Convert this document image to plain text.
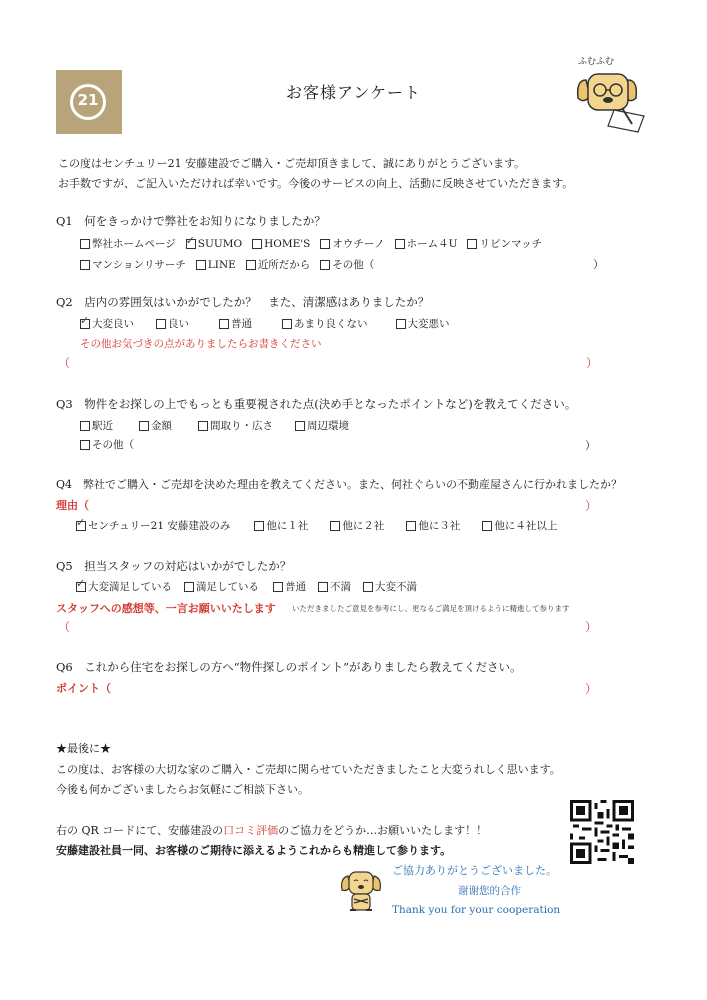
21	お客様アンケート
ふむふむ
この度はセンチュリー21 安藤建設でご購入・ご売却頂きまして、誠にありがとうございます。
お手数ですが、ご記入いただければ幸いです。今後のサービスの向上、活動に反映させていただきます。
Q1　何をきっかけで弊社をお知りになりましたか？
弊社ホームページ
✓ SUUMO HOME'S オウチーノ ホーム４U リビンマッチ
マンションリサーチ LINE 近所だから その他（	）
Q2　店内の雰囲気はいかがでしたか？　また、清潔感はありましたか？
✓
大変良い	良い	普通	あまり良くない	大変悪い
その他お気づきの点がありましたらお書きください
（	）
Q3　物件をお探しの上でもっとも重要視された点(決め手となったポイントなど)を教えてください。
駅近	金額	間取り・広さ	周辺環境
その他（	）
Q4　弊社でご購入・ご売却を決めた理由を教えてください。また、何社ぐらいの不動産屋さんに行かれましたか？
理由（	）
✓
センチュリー21 安藤建設のみ	他に１社	他に２社	他に３社	他に４社以上
Q5　担当スタッフの対応はいかがでしたか？
✓
大変満足している 満足している 普通 不満 大変不満
スタッフへの感想等、一言お願いいたします いただきましたご意見を参考にし、更なるご満足を頂けるように精進して参ります
（	）
Q6　これから住宅をお探しの方へ“物件探しのポイント”がありましたら教えてください。
ポイント（	）
★最後に★
この度は、お客様の大切な家のご購入・ご売却に関らせていただきましたこと大変うれしく思います。
今後も何かございましたらお気軽にご相談下さい。
右の QR コードにて、安藤建設の口コミ評価のご協力をどうか…お願いいたします！！
安藤建設社員一同、お客様のご期待に添えるようこれからも精進して参ります。
ご協力ありがとうございました。
谢谢您的合作
Thank you for your cooperation
